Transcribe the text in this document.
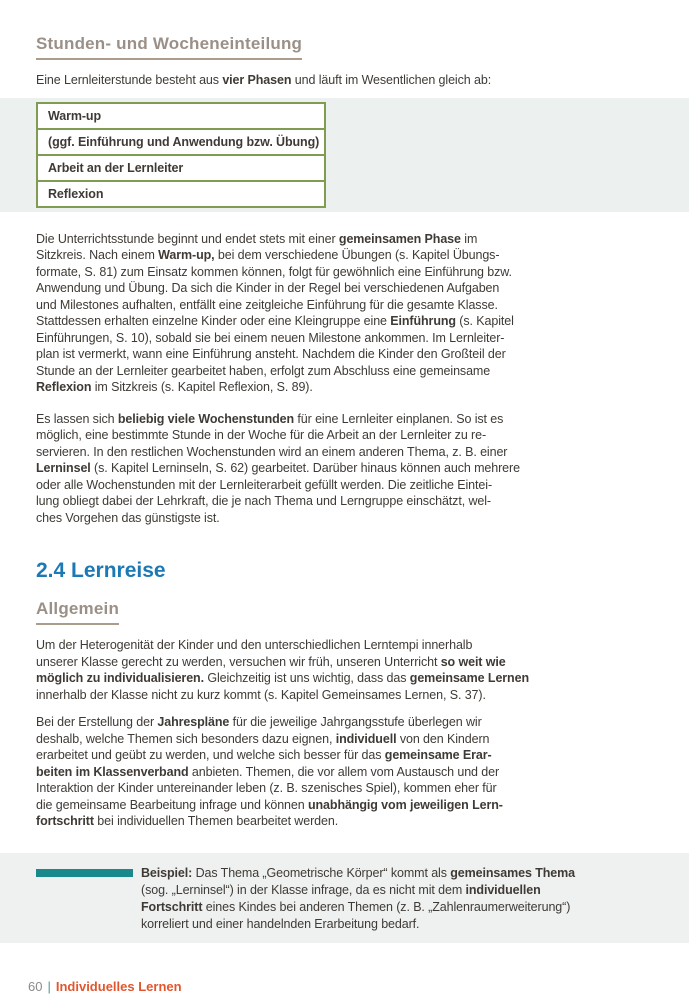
Stunden- und Wocheneinteilung

Eine Lernleiterstunde besteht aus vier Phasen und läuft im Wesentlichen gleich ab:

Warm-up
(ggf. Einführung und Anwendung bzw. Übung)
Arbeit an der Lernleiter
Reflexion

Die Unterrichtsstunde beginnt und endet stets mit einer gemeinsamen Phase im
Sitzkreis. Nach einem Warm-up, bei dem verschiedene Übungen (s. Kapitel Übungs-
formate, S. 81) zum Einsatz kommen können, folgt für gewöhnlich eine Einführung bzw.
Anwendung und Übung. Da sich die Kinder in der Regel bei verschiedenen Aufgaben
und Milestones aufhalten, entfällt eine zeitgleiche Einführung für die gesamte Klasse.
Stattdessen erhalten einzelne Kinder oder eine Kleingruppe eine Einführung (s. Kapitel
Einführungen, S. 10), sobald sie bei einem neuen Milestone ankommen. Im Lernleiter-
plan ist vermerkt, wann eine Einführung ansteht. Nachdem die Kinder den Großteil der
Stunde an der Lernleiter gearbeitet haben, erfolgt zum Abschluss eine gemeinsame
Reflexion im Sitzkreis (s. Kapitel Reflexion, S. 89).

Es lassen sich beliebig viele Wochenstunden für eine Lernleiter einplanen. So ist es
möglich, eine bestimmte Stunde in der Woche für die Arbeit an der Lernleiter zu re-
servieren. In den restlichen Wochenstunden wird an einem anderen Thema, z. B. einer
Lerninsel (s. Kapitel Lerninseln, S. 62) gearbeitet. Darüber hinaus können auch mehrere
oder alle Wochenstunden mit der Lernleiterarbeit gefüllt werden. Die zeitliche Eintei-
lung obliegt dabei der Lehrkraft, die je nach Thema und Lerngruppe einschätzt, wel-
ches Vorgehen das günstigste ist.

2.4 Lernreise
Allgemein

Um der Heterogenität der Kinder und den unterschiedlichen Lerntempi innerhalb
unserer Klasse gerecht zu werden, versuchen wir früh, unseren Unterricht so weit wie
möglich zu individualisieren. Gleichzeitig ist uns wichtig, dass das gemeinsame Lernen
innerhalb der Klasse nicht zu kurz kommt (s. Kapitel Gemeinsames Lernen, S. 37).

Bei der Erstellung der Jahrespläne für die jeweilige Jahrgangsstufe überlegen wir
deshalb, welche Themen sich besonders dazu eignen, individuell von den Kindern
erarbeitet und geübt zu werden, und welche sich besser für das gemeinsame Erar-
beiten im Klassenverband anbieten. Themen, die vor allem vom Austausch und der
Interaktion der Kinder untereinander leben (z. B. szenisches Spiel), kommen eher für
die gemeinsame Bearbeitung infrage und können unabhängig vom jeweiligen Lern-
fortschritt bei individuellen Themen bearbeitet werden.

Beispiel: Das Thema „Geometrische Körper“ kommt als gemeinsames Thema
(sog. „Lerninsel“) in der Klasse infrage, da es nicht mit dem individuellen
Fortschritt eines Kindes bei anderen Themen (z. B. „Zahlenraumerweiterung“)
korreliert und einer handelnden Erarbeitung bedarf.

60 | Individuelles Lernen
